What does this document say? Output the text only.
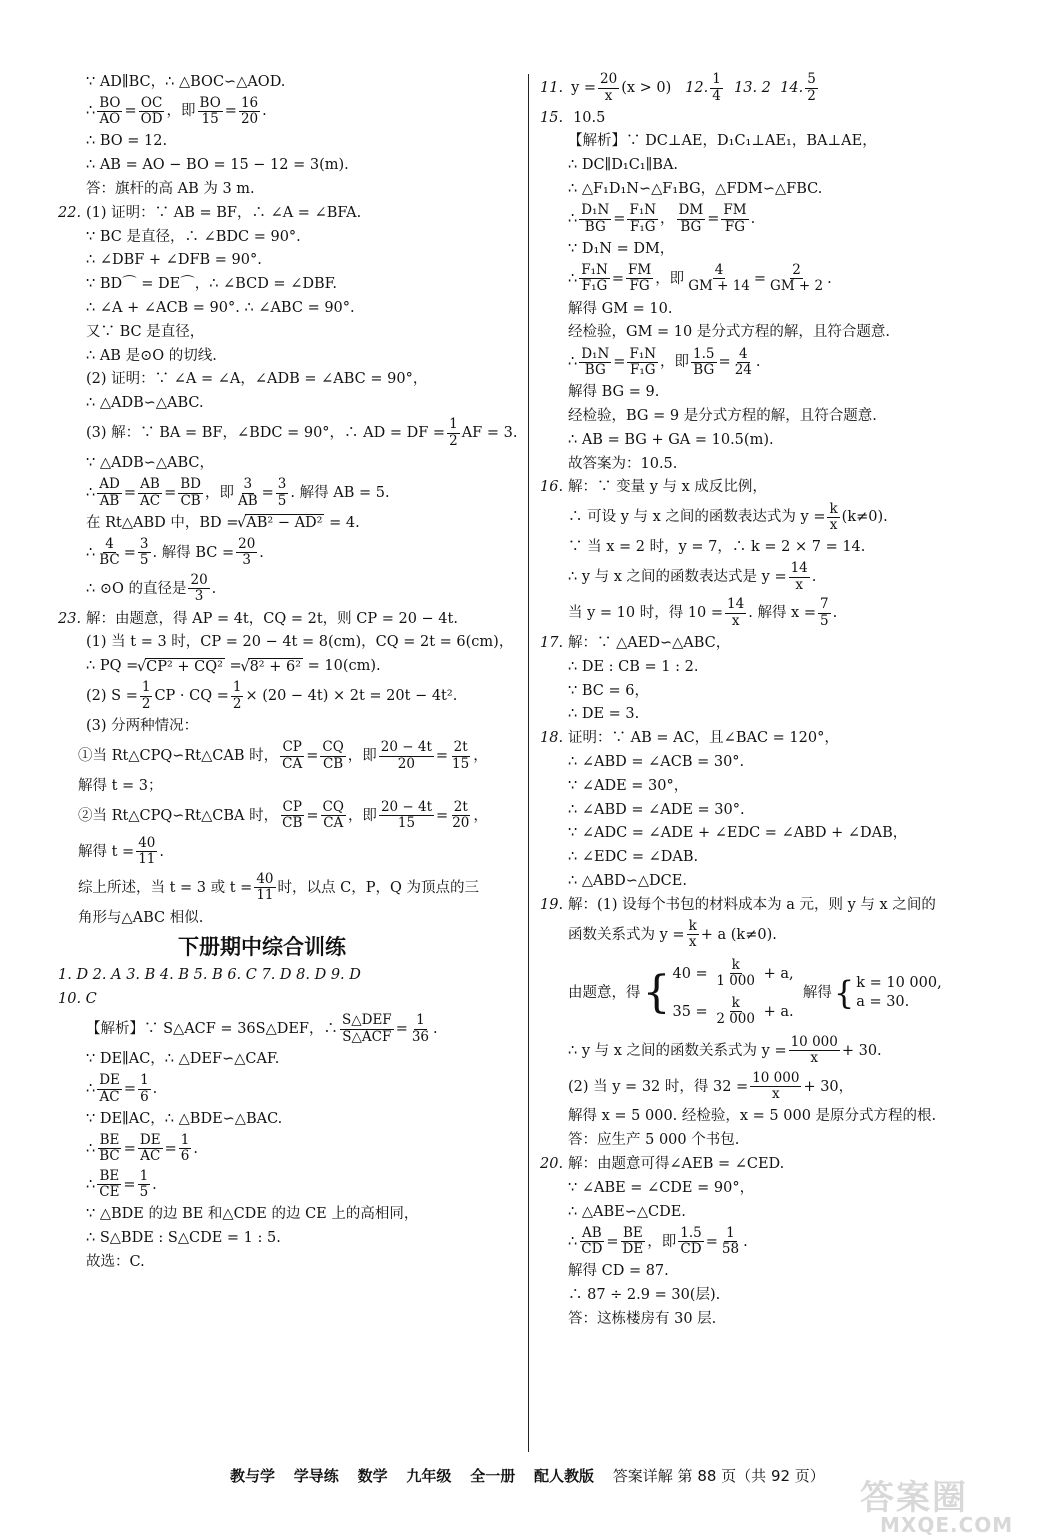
∵ AD∥BC，∴ △BOC∽△AOD.
∴ $\frac{BO}{AO} = \frac{OC}{OD}$ ，即 $\frac{BO}{15} = \frac{16}{20}$ .
∴ BO = 12.
∴ AB = AO − BO = 15 − 12 = 3(m).
答：旗杆的高 AB 为 3 m.
22. (1) 证明：∵ AB = BF，∴ ∠A = ∠BFA.
∵ BC 是直径，∴ ∠BDC = 90°.
∴ ∠DBF + ∠DFB = 90°.
∵ BD⌒ = DE⌒，∴ ∠BCD = ∠DBF.
∴ ∠A + ∠ACB = 90°. ∴ ∠ABC = 90°.
又∵ BC 是直径，
∴ AB 是⊙O 的切线.
(2) 证明：∵ ∠A = ∠A，∠ADB = ∠ABC = 90°，
∴ △ADB∽△ABC.
(3) 解：∵ BA = BF，∠BDC = 90°，∴ AD = DF = $\frac{1}{2}$ AF = 3.
∵ △ADB∽△ABC，
∴ $\frac{AD}{AB} = \frac{AB}{AC} = \frac{BD}{CB}$ ，即 $\frac{3}{AB} = \frac{3}{5}$ . 解得 AB = 5.
在 Rt△ABD 中，BD =
√ AB² − AD²
= 4.
∴ $\frac{4}{BC} = \frac{3}{5}$ . 解得 BC = $\frac{20}{3}$ .
∴ ⊙O 的直径是 $\frac{20}{3}$ .
23. 解：由题意，得 AP = 4t，CQ = 2t，则 CP = 20 − 4t.
(1) 当 t = 3 时，CP = 20 − 4t = 8(cm)，CQ = 2t = 6(cm)，
∴ PQ =
√ CP² + CQ²
=
√ 8² + 6²
= 10(cm).
(2) $S = \frac{1}{2}$ CP · CQ = $\frac{1}{2} \times (20 - 4t) \times 2t = 20t - 4t^2$.
(3) 分两种情况：
①当 Rt△CPQ∽Rt△CAB 时， $\frac{CP}{CA} = \frac{CQ}{CB}$ ，即 $\frac{20 - 4t}{20} = \frac{2t}{15}$ ，
解得 t = 3；
②当 Rt△CPQ∽Rt△CBA 时， $\frac{CP}{CB} = \frac{CQ}{CA}$ ，即 $\frac{20 - 4t}{15} = \frac{2t}{20}$ ，
解得 $t = \frac{40}{11}$ .
综上所述，当 t = 3 或 $t = \frac{40}{11}$ 时，以点 C，P，Q 为顶点的三
角形与△ABC 相似.
下册期中综合训练
1. D 2. A 3. B 4. B 5. B 6. C 7. D 8. D 9. D
10. C
【解析】∵ S△ACF = 36S△DEF，∴ $\frac{\text{S△DEF}}{\text{S△ACF}} = \frac{1}{36}$ .
∵ DE∥AC，∴ △DEF∽△CAF.
∴ $\frac{DE}{AC} = \frac{1}{6}$ .
∵ DE∥AC，∴ △BDE∽△BAC.
∴ $\frac{BE}{BC} = \frac{DE}{AC} = \frac{1}{6}$ .
∴ $\frac{BE}{CE} = \frac{1}{5}$ .
∵ △BDE 的边 BE 和△CDE 的边 CE 上的高相同，
∴ S△BDE : S△CDE = 1 : 5.
故选：C.
11. $y = \frac{20}{x} (x > 0)$
12. $\frac{1}{4}$
13. 2
14. $\frac{5}{2}$
15. 10.5
【解析】∵ DC⊥AE，D₁C₁⊥AE₁，BA⊥AE，
∴ DC∥D₁C₁∥BA.
∴ △F₁D₁N∽△F₁BG，△FDM∽△FBC.
∴ $\frac{\text{D₁N}}{BG} = \frac{\text{F₁N}}{\text{F₁G}}$ ， $\frac{DM}{BG} = \frac{FM}{FG}$ .
∵ D₁N = DM，
∴ $\frac{\text{F₁N}}{\text{F₁G}} = \frac{FM}{FG}$ ，即 $\frac{4}{GM + 14} = \frac{2}{GM + 2}$ .
解得 GM = 10.
经检验，GM = 10 是分式方程的解，且符合题意.
∴ $\frac{\text{D₁N}}{BG} = \frac{\text{F₁N}}{\text{F₁G}}$ ，即 $\frac{1.5}{BG} = \frac{4}{24}$ .
解得 BG = 9.
经检验，BG = 9 是分式方程的解，且符合题意.
∴ AB = BG + GA = 10.5(m).
故答案为：10.5.
16. 解：∵ 变量 y 与 x 成反比例，
∴ 可设 y 与 x 之间的函数表达式为 $y = \frac{k}{x} (k\ne 0)$.
∵ 当 x = 2 时，y = 7，∴ k = 2 × 7 = 14.
∴ y 与 x 之间的函数表达式是 $y = \frac{14}{x}$ .
当 y = 10 时，得 $10 = \frac{14}{x}$ . 解得 $x = \frac{7}{5}$ .
17. 解：∵ △AED∽△ABC，
∴ DE : CB = 1 : 2.
∵ BC = 6，
∴ DE = 3.
18. 证明：∵ AB = AC，且∠BAC = 120°，
∴ ∠ABD = ∠ACB = 30°.
∵ ∠ADE = 30°，
∴ ∠ABD = ∠ADE = 30°.
∵ ∠ADC = ∠ADE + ∠EDC = ∠ABD + ∠DAB，
∴ ∠EDC = ∠DAB.
∴ △ABD∽△DCE.
19. 解：(1) 设每个书包的材料成本为 a 元，则 y 与 x 之间的
函数关系式为 $y = \frac{k}{x} + a$ (k≠0).
由题意，得 { $40 = \frac{k}{1 000} + a$,
$35 = \frac{k}{2 000} + a$.

解得 { k = 10 000,
a = 30.
∴ y 与 x 之间的函数关系式为 $y = \frac{10 000}{x} + 30$.
(2) 当 y = 32 时，得 $32 = \frac{10 000}{x} + 30$，
解得 x = 5 000. 经检验，x = 5 000 是原分式方程的根.
答：应生产 5 000 个书包.
20. 解：由题意可得∠AEB = ∠CED.
∵ ∠ABE = ∠CDE = 90°，
∴ △ABE∽△CDE.
∴ $\frac{AB}{CD} = \frac{BE}{DE}$ ，即 $\frac{1.5}{CD} = \frac{1}{58}$ .
解得 CD = 87.
∴ 87 ÷ 2.9 = 30(层).
答：这栋楼房有 30 层.
教与学 学导练 数学 九年级 全一册 配人教版 答案详解 第 88 页（共 92 页）
答案圈
MXQE.COM
